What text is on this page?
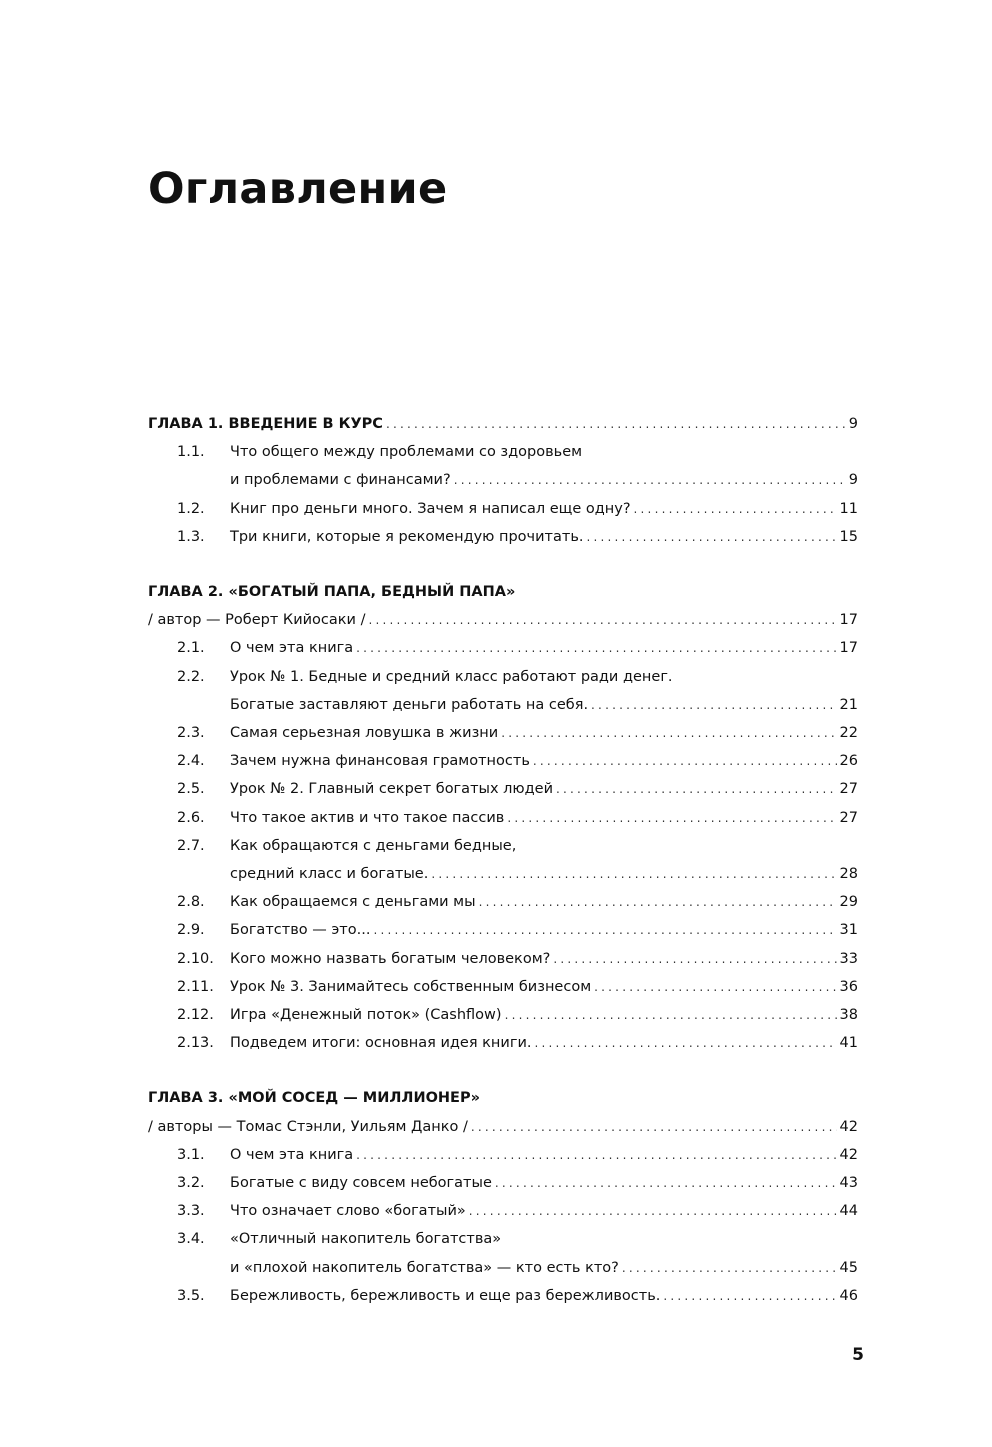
Оглавление
ГЛАВА 1. ВВЕДЕНИЕ В КУРС .....	9
1.1.	Что общего между проблемами со здоровьем
и проблемами с финансами? .....	9
1.2.	Книг про деньги много. Зачем я написал еще одну? .....	11
1.3.	Три книги, которые я рекомендую прочитать. .....	15
ГЛАВА 2. «БОГАТЫЙ ПАПА, БЕДНЫЙ ПАПА»
/ автор — Роберт Кийосаки / .....	17
2.1.	О чем эта книга .....	17
2.2.	Урок № 1. Бедные и средний класс работают ради денег.
Богатые заставляют деньги работать на себя. .....	21
2.3.	Самая серьезная ловушка в жизни .....	22
2.4.	Зачем нужна финансовая грамотность .....	26
2.5.	Урок № 2. Главный секрет богатых людей .....	27
2.6.	Что такое актив и что такое пассив .....	27
2.7.	Как обращаются с деньгами бедные,
средний класс и богатые. .....	28
2.8.	Как обращаемся с деньгами мы .....	29
2.9.	Богатство — это... .....	31
2.10.	Кого можно назвать богатым человеком? .....	33
2.11.	Урок № 3. Занимайтесь собственным бизнесом .....	36
2.12.	Игра «Денежный поток» (Cashflow) .....	38
2.13.	Подведем итоги: основная идея книги. .....	41
ГЛАВА 3. «МОЙ СОСЕД — МИЛЛИОНЕР»
/ авторы — Томас Стэнли, Уильям Данко / .....	42
3.1.	О чем эта книга .....	42
3.2.	Богатые с виду совсем небогатые .....	43
3.3.	Что означает слово «богатый» .....	44
3.4.	«Отличный накопитель богатства»
и «плохой накопитель богатства» — кто есть кто? .....	45
3.5.	Бережливость, бережливость и еще раз бережливость. .....	46
5
